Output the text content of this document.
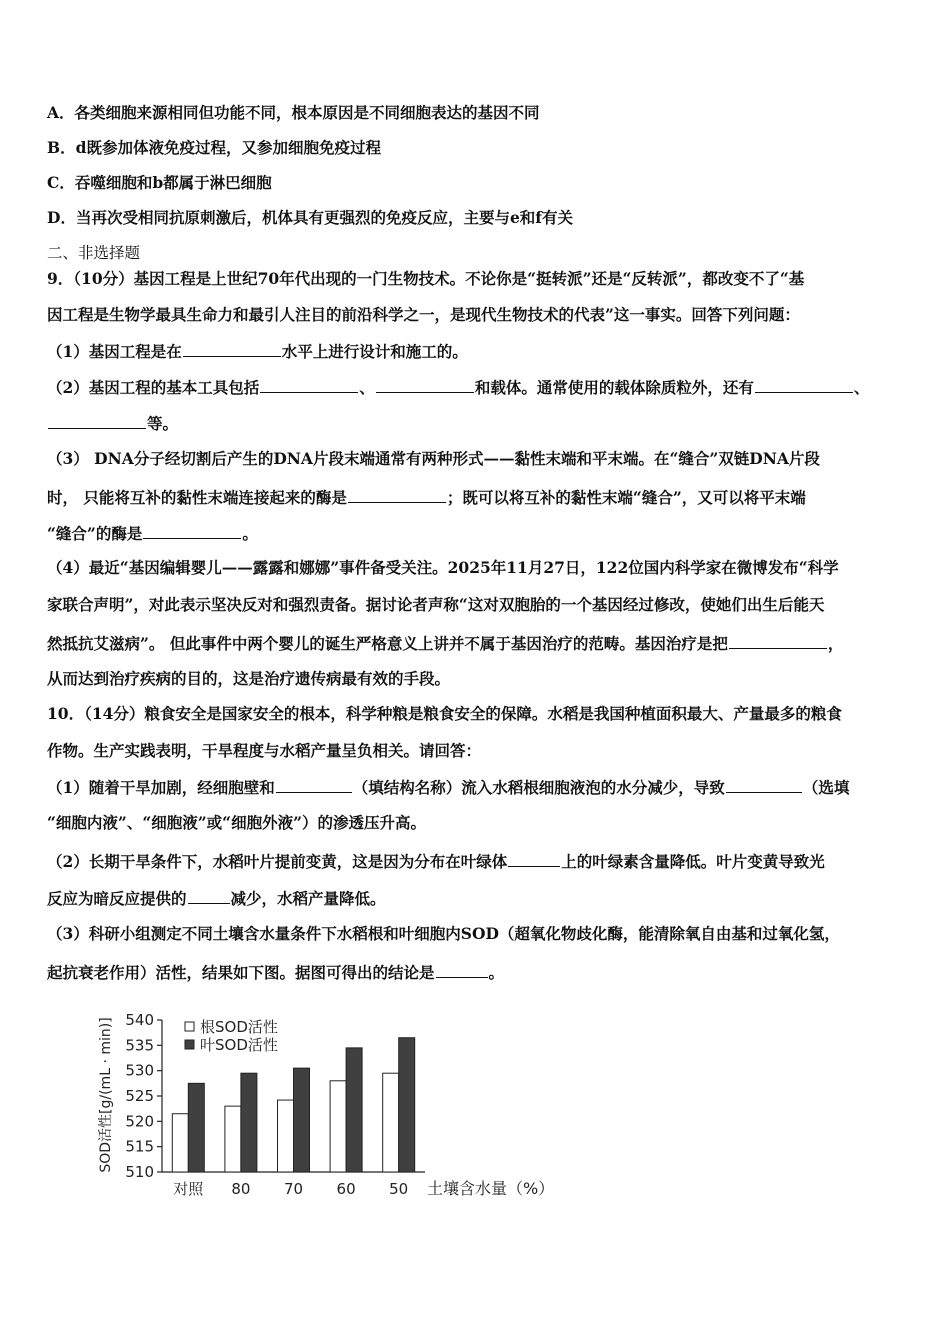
A．各类细胞来源相同但功能不同，根本原因是不同细胞表达的基因不同
B．d既参加体液免疫过程，又参加细胞免疫过程
C．吞噬细胞和b都属于淋巴细胞
D．当再次受相同抗原刺激后，机体具有更强烈的免疫反应，主要与e和f有关
二、非选择题
9．（10分）基因工程是上世纪70年代出现的一门生物技术。不论你是“挺转派”还是“反转派”，都改变不了“基
因工程是生物学最具生命力和最引人注目的前沿科学之一，是现代生物技术的代表”这一事实。回答下列问题：
（1）基因工程是在	水平上进行设计和施工的。
（2）基因工程的基本工具包括	、	和载体。通常使用的载体除质粒外，还有	、
等。
（3） DNA分子经切割后产生的DNA片段末端通常有两种形式——黏性末端和平末端。在“缝合”双链DNA片段
时， 只能将互补的黏性末端连接起来的酶是	；既可以将互补的黏性末端“缝合”，又可以将平末端
“缝合”的酶是	。
（4）最近“基因编辑婴儿——露露和娜娜”事件备受关注。2025年11月27日，122位国内科学家在微博发布“科学
家联合声明”，对此表示坚决反对和强烈责备。据讨论者声称“这对双胞胎的一个基因经过修改，使她们出生后能天
然抵抗艾滋病”。 但此事件中两个婴儿的诞生严格意义上讲并不属于基因治疗的范畴。基因治疗是把	，
从而达到治疗疾病的目的，这是治疗遗传病最有效的手段。
10．（14分）粮食安全是国家安全的根本，科学种粮是粮食安全的保障。水稻是我国种植面积最大、产量最多的粮食
作物。生产实践表明，干旱程度与水稻产量呈负相关。请回答：
（1）随着干旱加剧，经细胞壁和	（填结构名称）流入水稻根细胞液泡的水分减少，导致	（选填
“细胞内液”、“细胞液”或“细胞外液”）的渗透压升高。
（2）长期干旱条件下，水稻叶片提前变黄，这是因为分布在叶绿体	上的叶绿素含量降低。叶片变黄导致光
反应为暗反应提供的	减少，水稻产量降低。
（3）科研小组测定不同土壤含水量条件下水稻根和叶细胞内SOD（超氧化物歧化酶，能清除氧自由基和过氧化氢，
起抗衰老作用）活性，结果如下图。据图可得出的结论是	。
SOD活性[g/(mL · min)] 510
515
520
525
530
535
540
对照 80 70 60 50
根SOD活性
叶SOD活性
土壤含水量（%）
